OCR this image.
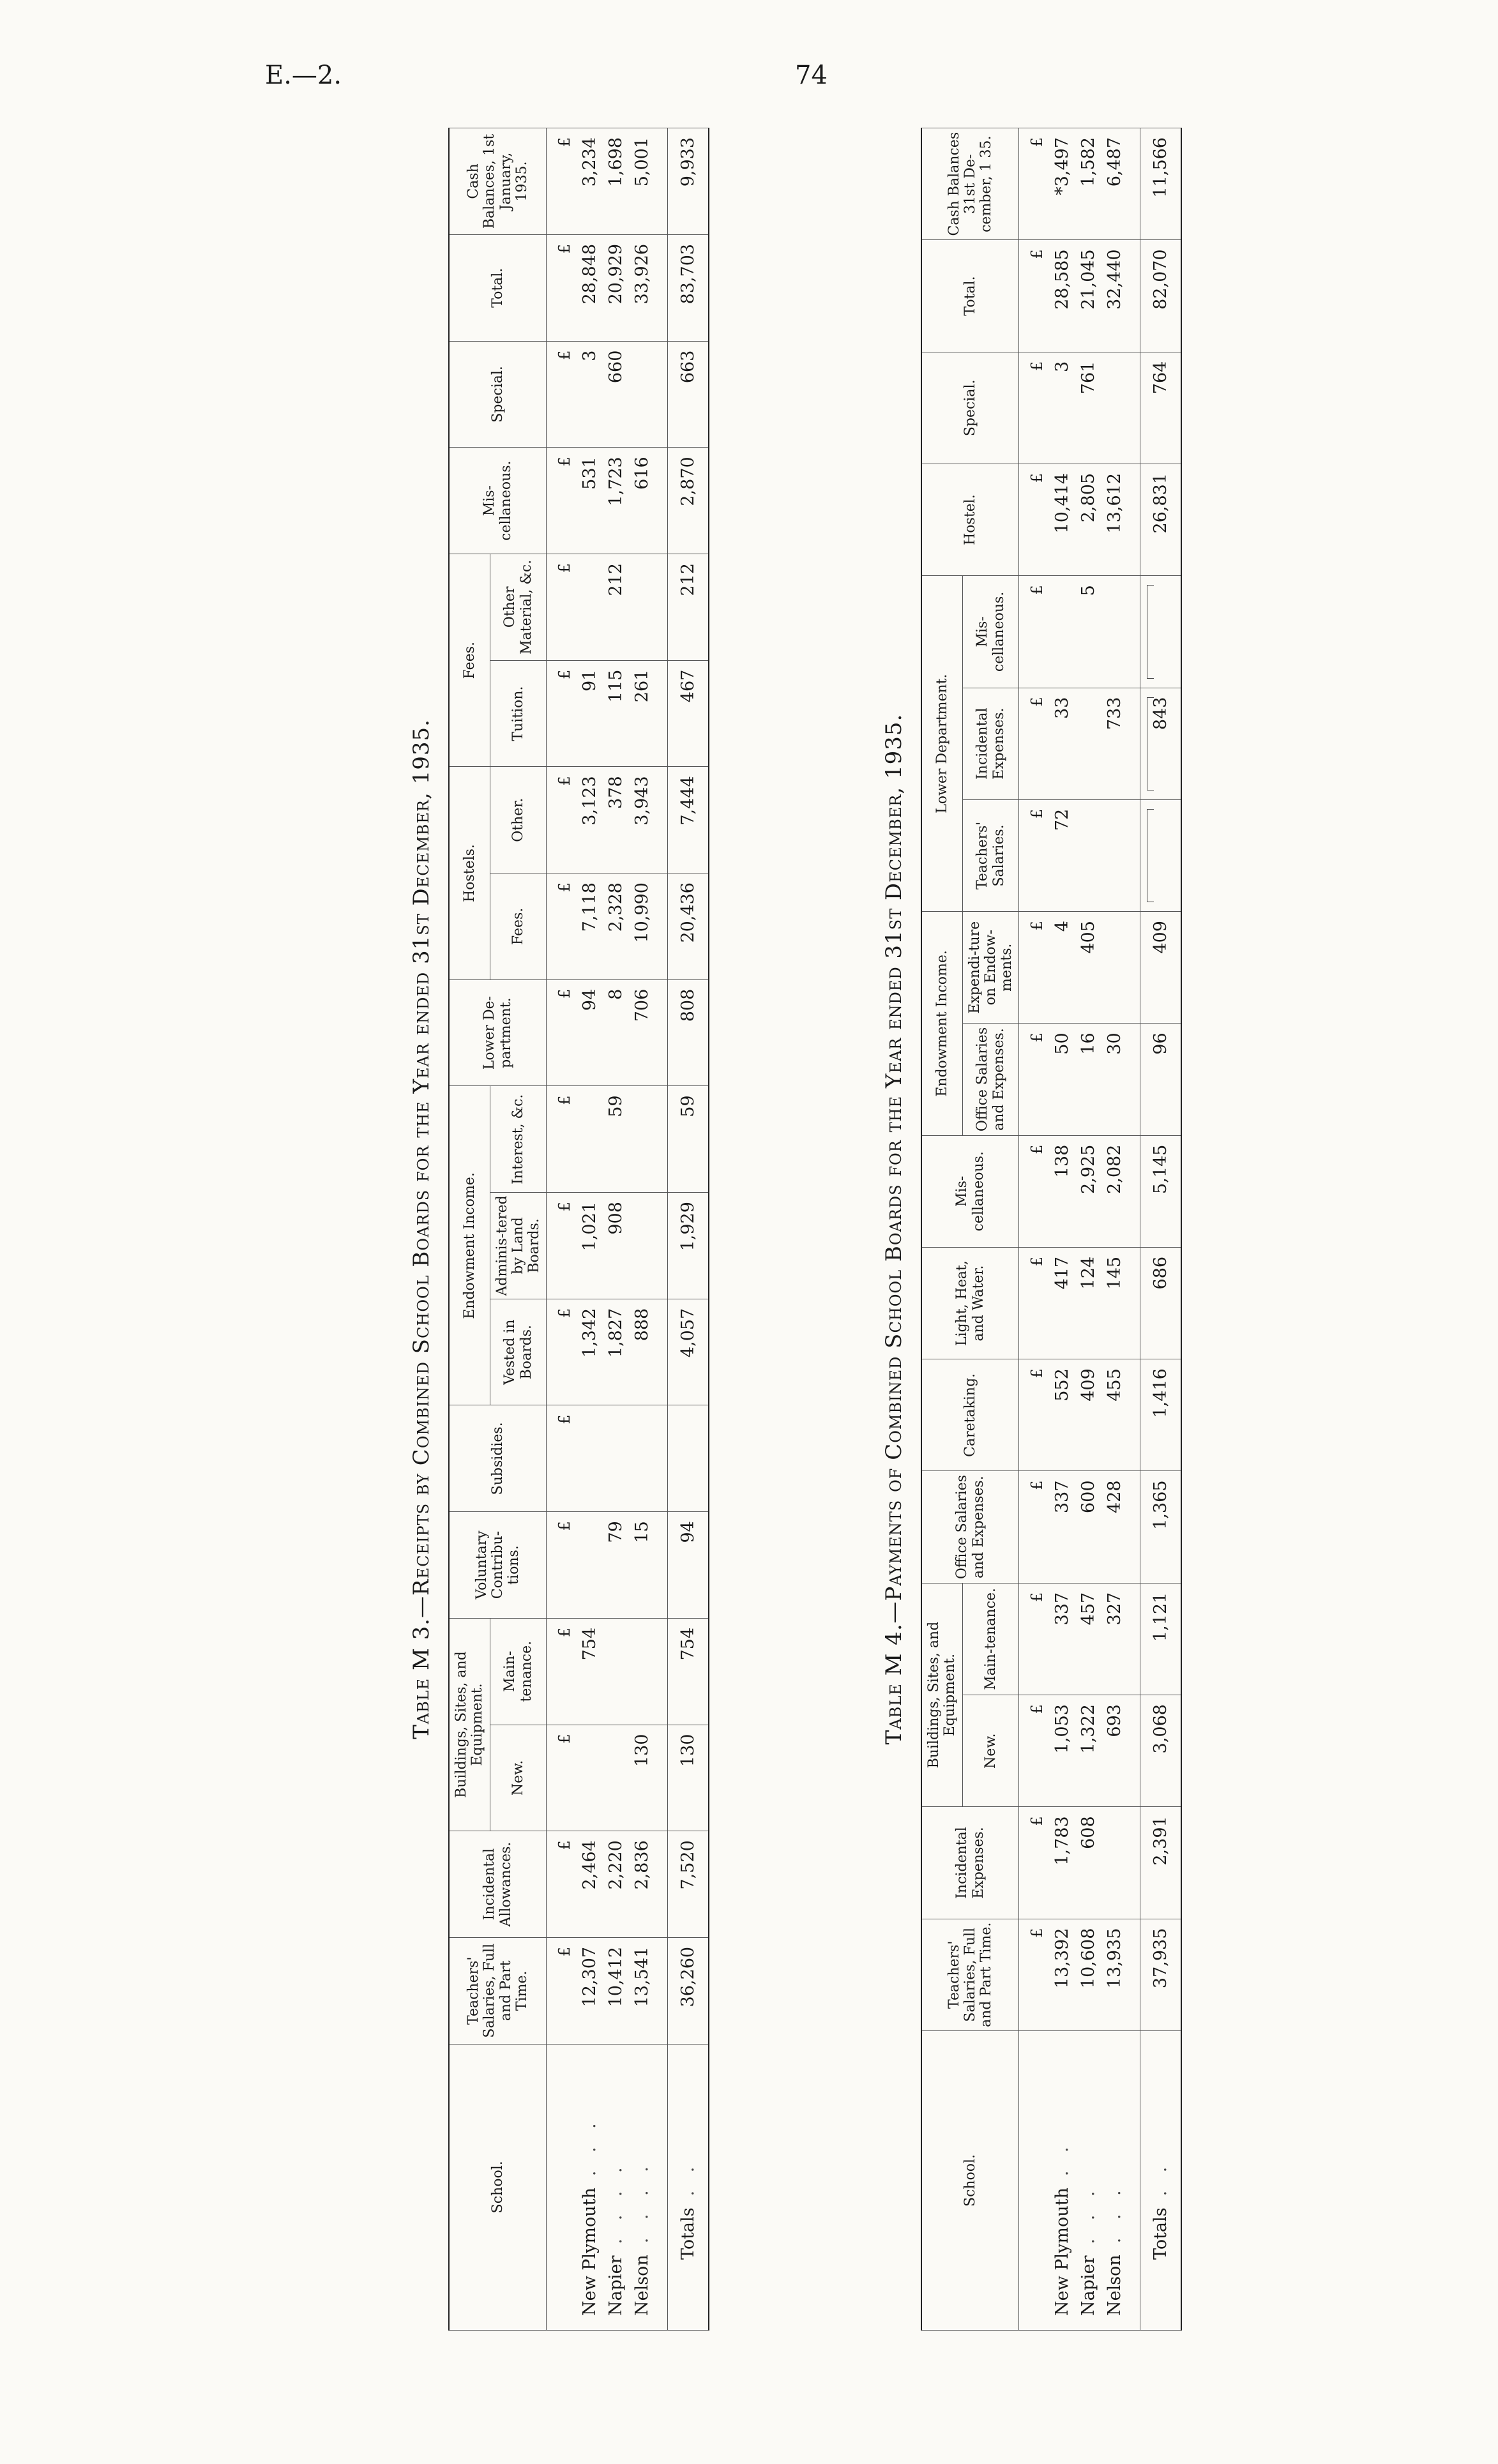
E.—2.	74
Table M 3.—Receipts by Combined School Boards for the Year ended 31st December, 1935.
School.	Teachers' Salaries, Full and Part Time.	Incidental Allowances.	Buildings, Sites, and Equipment.		Voluntary Contribu-tions.	Subsidies.	Endowment Income.			Lower De-partment.	Hostels.		Fees.		Mis-cellaneous.	Special.	Total.	Cash Balances, 1st January, 1935.
			New.	Main-tenance.			Vested in Boards.	Adminis-tered by Land Boards.	Interest, &c.		Fees.	Other.	Tuition.	Other Material, &c.				
	£	£	£	£	£	£	£	£	£	£	£	£	£	£	£	£	£	£
New Plymouth. . .	12,307	2,464		754			1,342	1,021		94	7,118	3,123	91		531	3	28,848	3,234
Napier. . . .	10,412	2,220			79		1,827	908	59	8	2,328	378	115	212	1,723	660	20,929	1,698
Nelson. . . .	13,541	2,836	130		15		888			706	10,990	3,943	261		616		33,926	5,001
Totals. .	36,260	7,520	130	754	94		4,057	1,929	59	808	20,436	7,444	467	212	2,870	663	83,703	9,933
Table M 4.—Payments of Combined School Boards for the Year ended 31st December, 1935.
School.	Teachers' Salaries, Full and Part Time.	Incidental Expenses.	Buildings, Sites, and Equipment.		Office Salaries and Expenses.	Caretaking.	Light, Heat, and Water.	Mis-cellaneous.	Endowment Income.		Lower Department.			Hostel.	Special.	Total.	Cash Balances 31st De-cember, 1 35.
			New.	Main-tenance.					Office Salaries and Expenses.	Expendi-ture on Endow-ments.	Teachers' Salaries.	Incidental Expenses.	Mis-cellaneous.				
	£	£	£	£	£	£	£	£	£	£	£	£	£	£	£	£	£
New Plymouth. .	13,392	1,783	1,053	337	337	552	417	138	50	4	72	33		10,414	3	28,585	*3,497
Napier. . .	10,608	608	1,322	457	600	409	124	2,925	16	405			5	2,805	761	21,045	1,582
Nelson. . .	13,935		693	327	428	455	145	2,082	30			733		13,612		32,440	6,487
Totals. .	37,935	2,391	3,068	1,121	1,365	1,416	686	5,145	96	409		843		26,831	764	82,070	11,566
